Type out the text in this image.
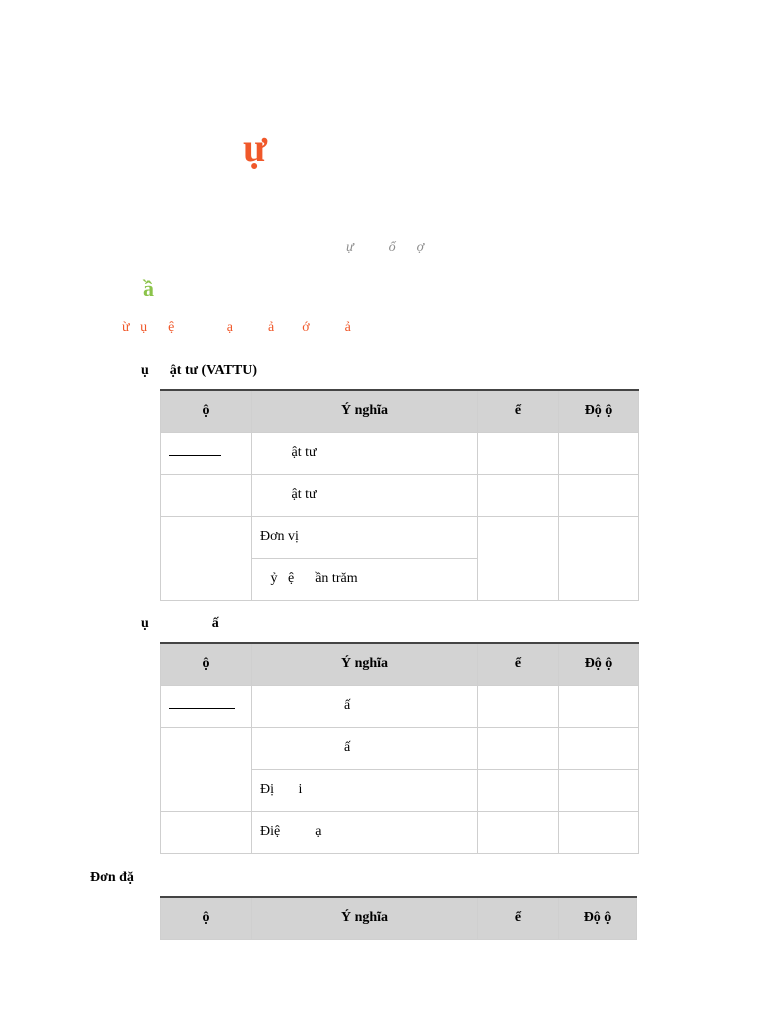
ự
ự          ổ      ợ
ầ
ừ   ụ      ệ               ạ          ả        ớ          ả
ụ      ật tư (VATTU)
ộ	Ý nghĩa	ể	Độ ộ
	ật tư		
	ật tư		
	Đơn vị		
	ỷ   ệ      ần trăm		
ụ                  ấ
ộ	Ý nghĩa	ể	Độ ộ
	ấ		
	ấ		
	Đị       i		
	Điệ          ạ		
Đơn đặ
ộ	Ý nghĩa	ể	Độ ộ
